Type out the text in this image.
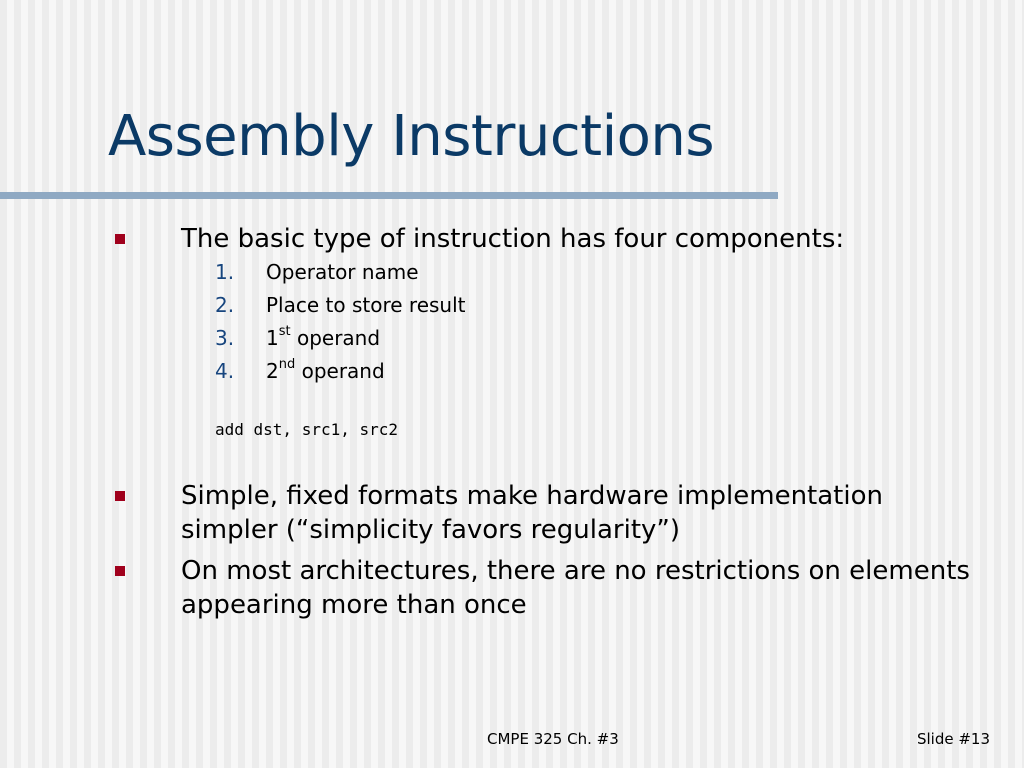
Assembly Instructions
The basic type of instruction has four components:
1. Operator name
2. Place to store result
3. 1st operand
4. 2nd operand
add dst, src1, src2
Simple, fixed formats make hardware implementation simpler (“simplicity favors regularity”)
On most architectures, there are no restrictions on elements appearing more than once
CMPE 325 Ch. #3	Slide #13
